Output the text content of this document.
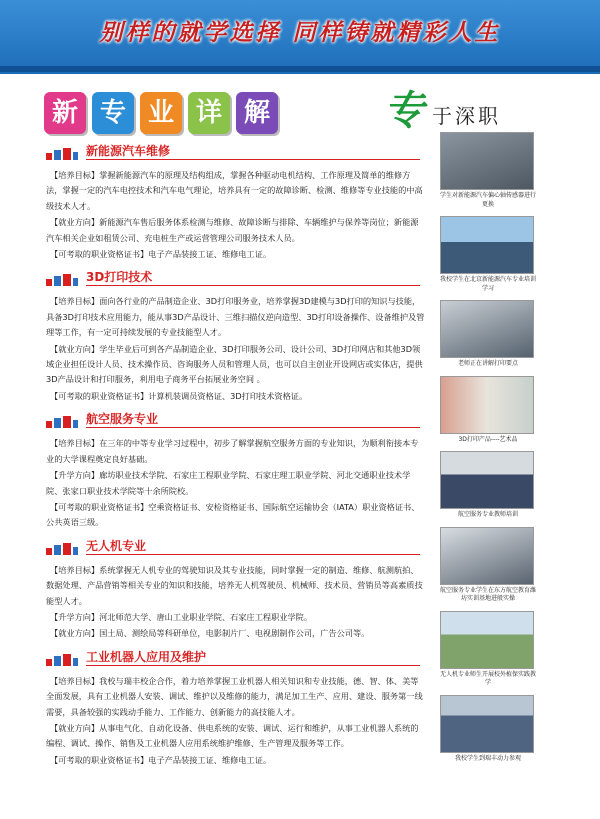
别样的就学选择 同样铸就精彩人生
新 专 业 详 解	专 于深职
新能源汽车维修

【培养目标】掌握新能源汽车的原理及结构组成，掌握各种驱动电机结构、工作原理及简单的维修方法，掌握一定的汽车电控技术和汽车电气理论，培养具有一定的故障诊断、检测、维修等专业技能的中高级技术人才。

【就业方向】新能源汽车售后服务体系检测与维修、故障诊断与排除、车辆维护与保养等岗位；新能源汽车相关企业如租赁公司、充电桩生产或运营管理公司服务技术人员。

【可考取的职业资格证书】电子产品装接工证、维修电工证。

3D打印技术

【培养目标】面向各行业的产品制造企业、3D打印服务业，培养掌握3D建模与3D打印的知识与技能，具备3D打印技术应用能力，能从事3D产品设计、三维扫描仪逆向造型、3D打印设备操作、设备维护及管理等工作，有一定可持续发展的专业技能型人才。

【就业方向】学生毕业后可到各产品制造企业、3D打印服务公司、设计公司、3D打印网店和其他3D领域企业担任设计人员、技术操作员、咨询服务人员和管理人员，也可以自主创业开设网店或实体店，提供3D产品设计和打印服务，利用电子商务平台拓展业务空间 。

【可考取的职业资格证书】计算机装调员资格证、3D打印技术资格证。

航空服务专业

【培养目标】在三年的中等专业学习过程中，初步了解掌握航空服务方面的专业知识，为顺利衔接本专业的大学课程奠定良好基础。

【升学方向】廊坊职业技术学院、石家庄工程职业学院、石家庄理工职业学院、河北交通职业技术学院、张家口职业技术学院等十余所院校。

【可考取的职业资格证书】空乘资格证书、安检资格证书、国际航空运输协会（IATA）职业资格证书、公共英语三级。

无人机专业

【培养目标】系统掌握无人机专业的驾驶知识及其专业技能，同时掌握一定的制造、维修、航测航拍、数据处理、产品营销等相关专业的知识和技能，培养无人机驾驶员、机械师、技术员、营销员等高素质技能型人才。

【升学方向】河北师范大学、唐山工业职业学院、石家庄工程职业学院。

【就业方向】国土局、测绘局等科研单位，电影制片厂、电视剧制作公司，广告公司等。

工业机器人应用及维护

【培养目标】我校与瑞丰校企合作，着力培养掌握工业机器人相关知识和专业技能，德、智、体、美等全面发展，具有工业机器人安装、调试、维护以及维修的能力，满足加工生产、应用、建设、服务第一线需要，具备较强的实践动手能力、工作能力、创新能力的高技能人才。

【就业方向】从事电气化、自动化设备、供电系统的安装、调试、运行和维护，从事工业机器人系统的编程、调试、操作、销售及工业机器人应用系统维护维修、生产管理及服务等工作。

【可考取的职业资格证书】电子产品装接工证、维修电工证。

学生对新能源汽车偏心轴传感器进行更换
我校学生在北京新能源汽车专业培训学习
老师正在讲解打印要点
3D打印产品----艺术品
航空服务专业教师培训
航空服务专业学生在东方航空教育潍坊实训基地进般实操
无人机专业师生开展校外植保实践教学
我校学生到瑞丰动力参观
